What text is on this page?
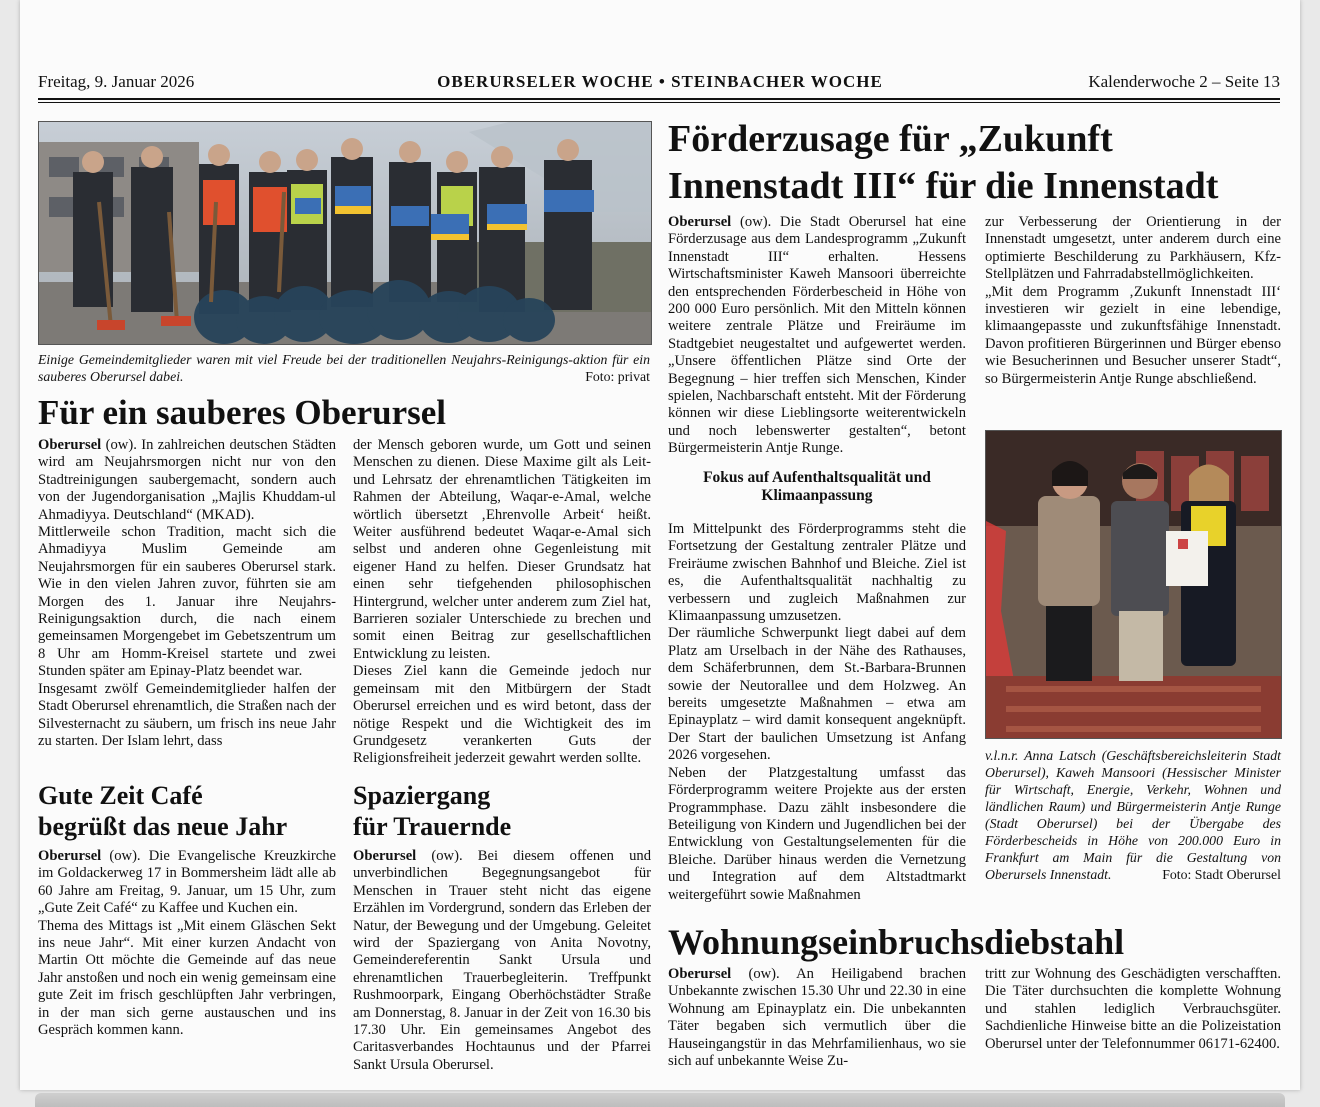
Freitag, 9. Januar 2026	OBERURSELER WOCHE • STEINBACHER WOCHE	Kalenderwoche 2 – Seite 13
Einige Gemeindemitglieder waren mit viel Freude bei der traditionellen Neujahrs-Reinigungs-aktion für ein sauberes Oberursel dabei.	Foto: privat
Für ein sauberes Oberursel

Oberursel (ow). In zahlreichen deutschen Städten wird am Neujahrsmorgen nicht nur von den Stadtreinigungen saubergemacht, sondern auch von der Jugendorganisation „Majlis Khuddam-ul Ahmadiyya. Deutschland“ (MKAD).

Mittlerweile schon Tradition, macht sich die Ahmadiyya Muslim Gemeinde am Neujahrsmorgen für ein sauberes Oberursel stark. Wie in den vielen Jahren zuvor, führten sie am Morgen des 1. Januar ihre Neujahrs-Reinigungsaktion durch, die nach einem gemeinsamen Morgengebet im Gebetszentrum um 8 Uhr am Homm-Kreisel startete und zwei Stunden später am Epinay-Platz beendet war.

Insgesamt zwölf Gemeindemitglieder halfen der Stadt Oberursel ehrenamtlich, die Straßen nach der Silvesternacht zu säubern, um frisch ins neue Jahr zu starten. Der Islam lehrt, dass

der Mensch geboren wurde, um Gott und seinen Menschen zu dienen. Diese Maxime gilt als Leit- und Lehrsatz der ehrenamtlichen Tätigkeiten im Rahmen der Abteilung, Waqar-e-Amal, welche wörtlich übersetzt ‚Ehrenvolle Arbeit‘ heißt. Weiter ausführend bedeutet Waqar-e-Amal sich selbst und anderen ohne Gegenleistung mit eigener Hand zu helfen. Dieser Grundsatz hat einen sehr tiefgehenden philosophischen Hintergrund, welcher unter anderem zum Ziel hat, Barrieren sozialer Unterschiede zu brechen und somit einen Beitrag zur gesellschaftlichen Entwicklung zu leisten.

Dieses Ziel kann die Gemeinde jedoch nur gemeinsam mit den Mitbürgern der Stadt Oberursel erreichen und es wird betont, dass der nötige Respekt und die Wichtigkeit des im Grundgesetz verankerten Guts der Religionsfreiheit jederzeit gewahrt werden sollte.

Gute Zeit Café
begrüßt das neue Jahr

Oberursel (ow). Die Evangelische Kreuzkirche im Goldackerweg 17 in Bommersheim lädt alle ab 60 Jahre am Freitag, 9. Januar, um 15 Uhr, zum „Gute Zeit Café“ zu Kaffee und Kuchen ein.

Thema des Mittags ist „Mit einem Gläschen Sekt ins neue Jahr“. Mit einer kurzen Andacht von Martin Ott möchte die Gemeinde auf das neue Jahr anstoßen und noch ein wenig gemeinsam eine gute Zeit im frisch geschlüpften Jahr verbringen, in der man sich gerne austauschen und ins Gespräch kommen kann.

Spaziergang
für Trauernde

Oberursel (ow). Bei diesem offenen und unverbindlichen Begegnungsangebot für Menschen in Trauer steht nicht das eigene Erzählen im Vordergrund, sondern das Erleben der Natur, der Bewegung und der Umgebung. Geleitet wird der Spaziergang von Anita Novotny, Gemeindereferentin Sankt Ursula und ehrenamtlichen Trauerbegleiterin. Treffpunkt Rushmoorpark, Eingang Oberhöchstädter Straße am Donnerstag, 8. Januar in der Zeit von 16.30 bis 17.30 Uhr. Ein gemeinsames Angebot des Caritasverbandes Hochtaunus und der Pfarrei Sankt Ursula Oberursel.

Förderzusage für „Zukunft
Innenstadt III“ für die Innenstadt

Oberursel (ow). Die Stadt Oberursel hat eine Förderzusage aus dem Landesprogramm „Zukunft Innenstadt III“ erhalten. Hessens Wirtschaftsminister Kaweh Mansoori überreichte den entsprechenden Förderbescheid in Höhe von 200 000 Euro persönlich. Mit den Mitteln können weitere zentrale Plätze und Freiräume im Stadtgebiet neugestaltet und aufgewertet werden. „Unsere öffentlichen Plätze sind Orte der Begegnung – hier treffen sich Menschen, Kinder spielen, Nachbarschaft entsteht. Mit der Förderung können wir diese Lieblingsorte weiterentwickeln und noch lebenswerter gestalten“, betont Bürgermeisterin Antje Runge.

Fokus auf Aufenthaltsqualität und Klimaanpassung

Im Mittelpunkt des Förderprogramms steht die Fortsetzung der Gestaltung zentraler Plätze und Freiräume zwischen Bahnhof und Bleiche. Ziel ist es, die Aufenthaltsqualität nachhaltig zu verbessern und zugleich Maßnahmen zur Klimaanpassung umzusetzen.

Der räumliche Schwerpunkt liegt dabei auf dem Platz am Urselbach in der Nähe des Rathauses, dem Schäferbrunnen, dem St.-Barbara-Brunnen sowie der Neutorallee und dem Holzweg. An bereits umgesetzte Maßnahmen – etwa am Epinayplatz – wird damit konsequent angeknüpft. Der Start der baulichen Umsetzung ist Anfang 2026 vorgesehen.

Neben der Platzgestaltung umfasst das Förderprogramm weitere Projekte aus der ersten Programmphase. Dazu zählt insbesondere die Beteiligung von Kindern und Jugendlichen bei der Entwicklung von Gestaltungselementen für die Bleiche. Darüber hinaus werden die Vernetzung und Integration auf dem Altstadtmarkt weitergeführt sowie Maßnahmen

zur Verbesserung der Orientierung in der Innenstadt umgesetzt, unter anderem durch eine optimierte Beschilderung zu Parkhäusern, Kfz-Stellplätzen und Fahrradabstellmöglichkeiten.

„Mit dem Programm ‚Zukunft Innenstadt III‘ investieren wir gezielt in eine lebendige, klimaangepasste und zukunftsfähige Innenstadt. Davon profitieren Bürgerinnen und Bürger ebenso wie Besucherinnen und Besucher unserer Stadt“, so Bürgermeisterin Antje Runge abschließend.

v.l.n.r. Anna Latsch (Geschäftsbereichsleiterin Stadt Oberursel), Kaweh Mansoori (Hessischer Minister für Wirtschaft, Energie, Verkehr, Wohnen und ländlichen Raum) und Bürgermeisterin Antje Runge (Stadt Oberursel) bei der Übergabe des Förderbescheids in Höhe von 200.000 Euro in Frankfurt am Main für die Gestaltung von Oberursels Innenstadt.	Foto: Stadt Oberursel
Wohnungseinbruchsdiebstahl

Oberursel (ow). An Heiligabend brachen Unbekannte zwischen 15.30 Uhr und 22.30 in eine Wohnung am Epinayplatz ein. Die unbekannten Täter begaben sich vermutlich über die Hauseingangstür in das Mehrfamilienhaus, wo sie sich auf unbekannte Weise Zu-

tritt zur Wohnung des Geschädigten verschafften. Die Täter durchsuchten die komplette Wohnung und stahlen lediglich Verbrauchsgüter. Sachdienliche Hinweise bitte an die Polizeistation Oberursel unter der Telefonnummer 06171-62400.
